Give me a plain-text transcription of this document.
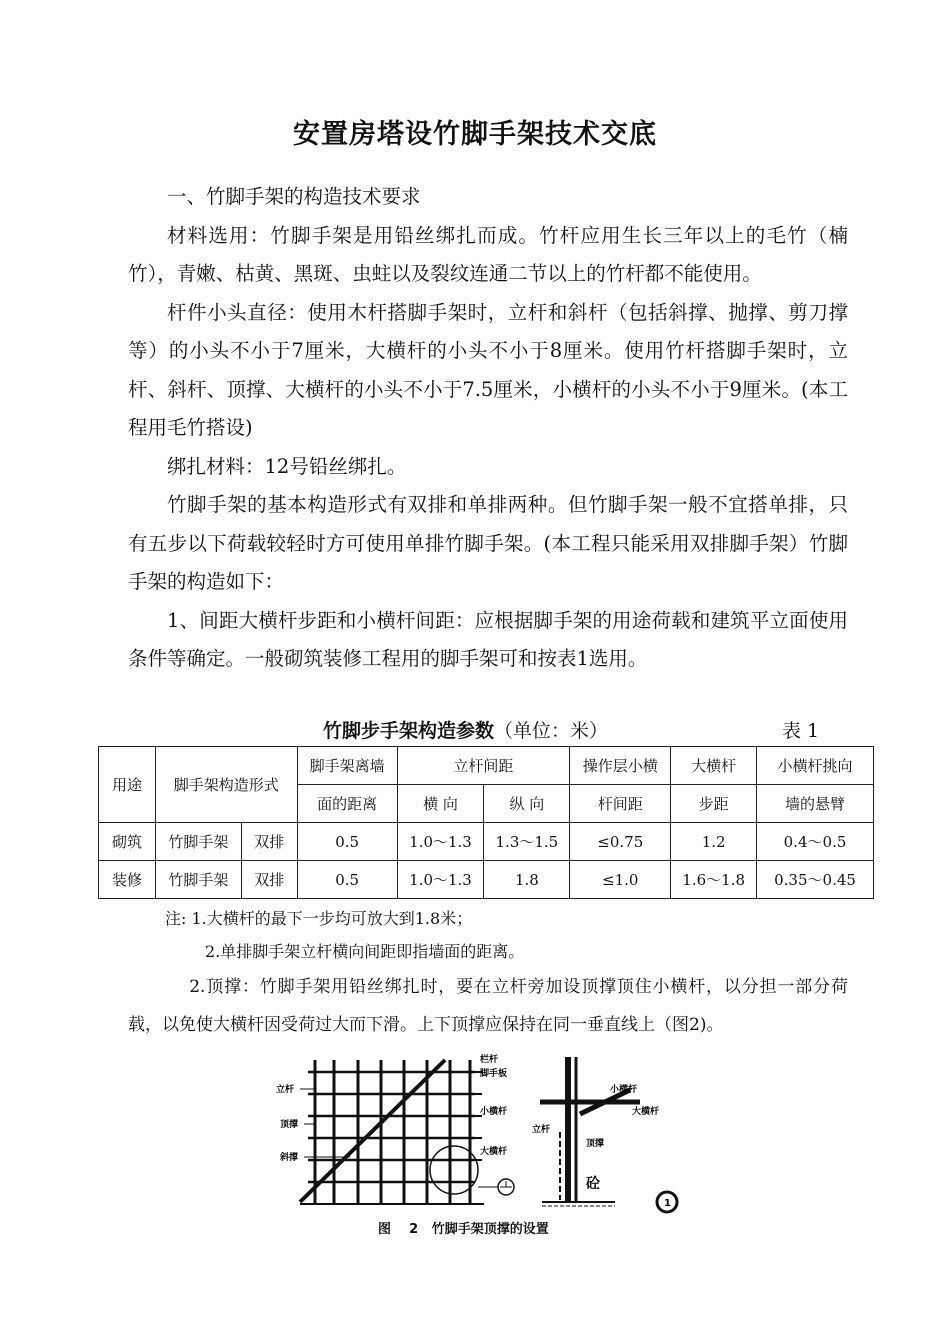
安置房塔设竹脚手架技术交底

一、竹脚手架的构造技术要求

材料选用：竹脚手架是用铅丝绑扎而成。竹杆应用生长三年以上的毛竹（楠竹），青嫩、枯黄、黑斑、虫蛀以及裂纹连通二节以上的竹杆都不能使用。

杆件小头直径：使用木杆搭脚手架时，立杆和斜杆（包括斜撑、抛撑、剪刀撑等）的小头不小于7厘米，大横杆的小头不小于8厘米。使用竹杆搭脚手架时，立杆、斜杆、顶撑、大横杆的小头不小于7.5厘米，小横杆的小头不小于9厘米。(本工程用毛竹搭设)

绑扎材料：12号铅丝绑扎。

竹脚手架的基本构造形式有双排和单排两种。但竹脚手架一般不宜搭单排，只有五步以下荷载较轻时方可使用单排竹脚手架。(本工程只能采用双排脚手架）竹脚手架的构造如下：

1、间距大横杆步距和小横杆间距：应根据脚手架的用途荷载和建筑平立面使用条件等确定。一般砌筑装修工程用的脚手架可和按表1选用。

竹脚步手架构造参数（单位：米）	表 1
用途	脚手架构造形式		脚手架离墙	立杆间距		操作层小横	大横杆	小横杆挑向
			面的距离	横 向	纵 向	杆间距	步距	墙的悬臂
砌筑	竹脚手架	双排	0.5	1.0～1.3	1.3～1.5	≤0.75	1.2	0.4～0.5
装修	竹脚手架	双排	0.5	1.0～1.3	1.8	≤1.0	1.6～1.8	0.35～0.45
注: 1.大横杆的最下一步均可放大到1.8米；
2.单排脚手架立杆横向间距即指墙面的距离。

2.顶撑：竹脚手架用铅丝绑扎时，要在立杆旁加设顶撑顶住小横杆，以分担一部分荷载，以免使大横杆因受荷过大而下滑。上下顶撑应保持在同一垂直线上（图2)。

立杆
顶撑
斜撑
栏杆
脚手板
小横杆
大横杆
小横杆
大横杆
立杆
顶撑
砼
1
图    2   竹脚手架顶撑的设置
